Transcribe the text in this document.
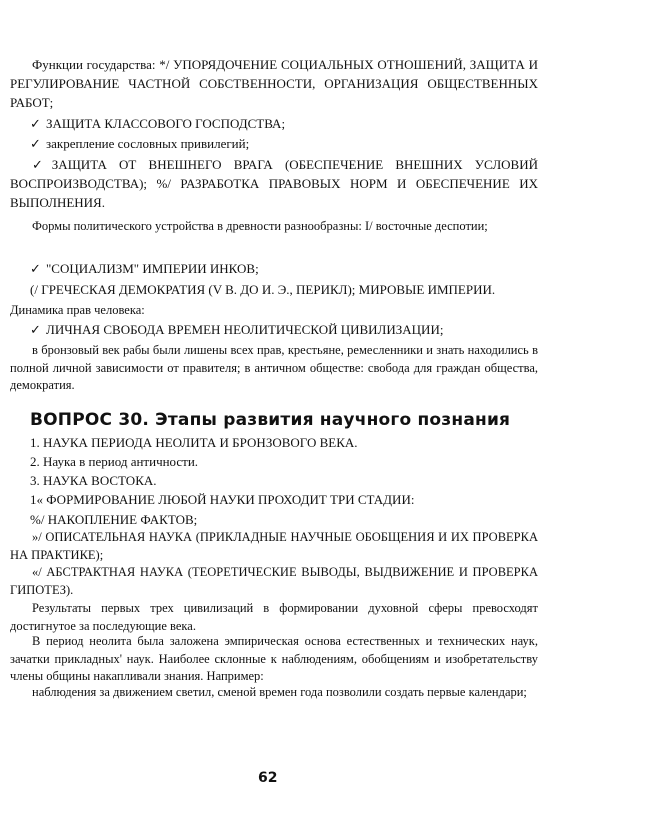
Функции государства: */ УПОРЯДОЧЕНИЕ СОЦИАЛЬНЫХ ОТНОШЕНИЙ, ЗАЩИТА И РЕГУЛИРОВАНИЕ ЧАСТНОЙ СОБСТВЕННОСТИ, ОРГАНИЗАЦИЯ ОБЩЕСТВЕННЫХ РАБОТ;

✓ ЗАЩИТА КЛАССОВОГО ГОСПОДСТВА;

✓ закрепление сословных привилегий;

✓ЗАЩИТА ОТ ВНЕШНЕГО ВРАГА (ОБЕСПЕЧЕНИЕ ВНЕШНИХ УСЛОВИЙ ВОСПРОИЗВОДСТВА); %/ РАЗРАБОТКА ПРАВОВЫХ НОРМ И ОБЕСПЕЧЕНИЕ ИХ ВЫПОЛНЕНИЯ.

Формы политического устройства в древности разнообразны: I/ восточные деспотии;

✓ "СОЦИАЛИЗМ" ИМПЕРИИ ИНКОВ;

(/ ГРЕЧЕСКАЯ ДЕМОКРАТИЯ (V В. ДО И. Э., ПЕРИКЛ); МИРОВЫЕ ИМПЕРИИ.

Динамика прав человека:

✓ ЛИЧНАЯ СВОБОДА ВРЕМЕН НЕОЛИТИЧЕСКОЙ ЦИВИЛИЗАЦИИ;

в бронзовый век рабы были лишены всех прав, крестьяне, ремесленники и знать находились в полной личной зависимости от правителя; в античном обществе: свобода для граждан общества, демократия.

ВОПРОС 30. Этапы развития научного познания

1. НАУКА ПЕРИОДА НЕОЛИТА И БРОНЗОВОГО ВЕКА.

2. Наука в период античности.

3. НАУКА ВОСТОКА.

1« ФОРМИРОВАНИЕ ЛЮБОЙ НАУКИ ПРОХОДИТ ТРИ СТАДИИ:

%/ НАКОПЛЕНИЕ ФАКТОВ;

»/ ОПИСАТЕЛЬНАЯ НАУКА (ПРИКЛАДНЫЕ НАУЧНЫЕ ОБОБЩЕНИЯ И ИХ ПРОВЕРКА НА ПРАКТИКЕ);

«/ АБСТРАКТНАЯ НАУКА (ТЕОРЕТИЧЕСКИЕ ВЫВОДЫ, ВЫДВИЖЕНИЕ И ПРОВЕРКА ГИПОТЕЗ).

Результаты первых трех цивилизаций в формировании духовной сферы превосходят достигнутое за последующие века.

В период неолита была заложена эмпирическая основа естественных и технических наук, зачатки прикладных' наук. Наиболее склонные к наблюдениям, обобщениям и изобретательству члены общины накапливали знания. Например:

наблюдения за движением светил, сменой времен года позволили создать первые календари;

62
